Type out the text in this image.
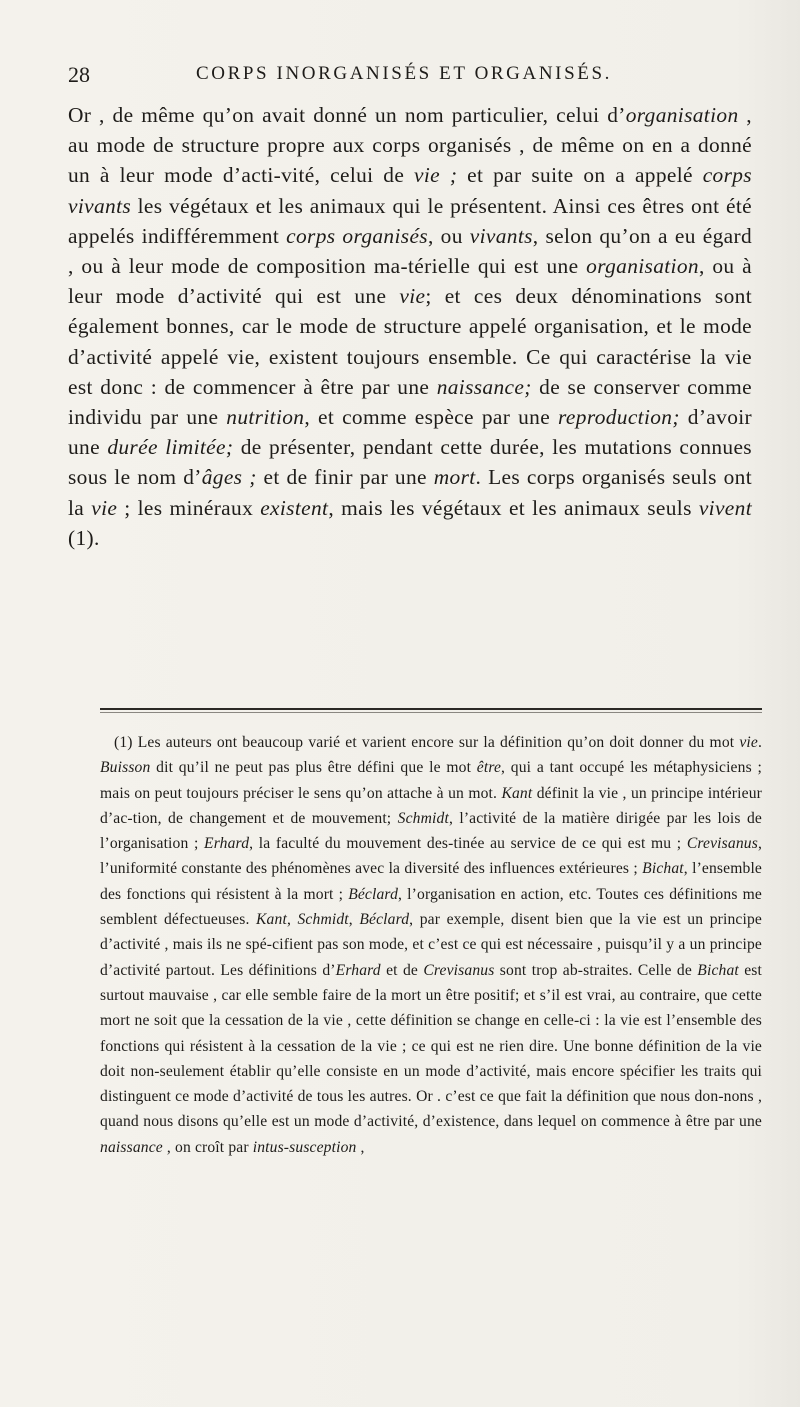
28	CORPS INORGANISÉS ET ORGANISÉS.

Or , de même qu’on avait donné un nom particulier, celui d’organisation , au mode de structure propre aux corps organisés , de même on en a donné un à leur mode d’acti-vité, celui de vie ; et par suite on a appelé corps vivants les végétaux et les animaux qui le présentent. Ainsi ces êtres ont été appelés indifféremment corps organisés, ou vivants, selon qu’on a eu égard , ou à leur mode de composition ma-térielle qui est une organisation, ou à leur mode d’activité qui est une vie; et ces deux dénominations sont également bonnes, car le mode de structure appelé organisation, et le mode d’activité appelé vie, existent toujours ensemble. Ce qui caractérise la vie est donc : de commencer à être par une naissance; de se conserver comme individu par une nutrition, et comme espèce par une reproduction; d’avoir une durée limitée; de présenter, pendant cette durée, les mutations connues sous le nom d’âges ; et de finir par une mort. Les corps organisés seuls ont la vie ; les minéraux existent, mais les végétaux et les animaux seuls vivent (1).

(1) Les auteurs ont beaucoup varié et varient encore sur la définition qu’on doit donner du mot vie. Buisson dit qu’il ne peut pas plus être défini que le mot être, qui a tant occupé les métaphysiciens ; mais on peut toujours préciser le sens qu’on attache à un mot. Kant définit la vie , un principe intérieur d’ac-tion, de changement et de mouvement; Schmidt, l’activité de la matière dirigée par les lois de l’organisation ; Erhard, la faculté du mouvement des-tinée au service de ce qui est mu ; Crevisanus, l’uniformité constante des phénomènes avec la diversité des influences extérieures ; Bichat, l’ensemble des fonctions qui résistent à la mort ; Béclard, l’organisation en action, etc. Toutes ces définitions me semblent défectueuses. Kant, Schmidt, Béclard, par exemple, disent bien que la vie est un principe d’activité , mais ils ne spé-cifient pas son mode, et c’est ce qui est nécessaire , puisqu’il y a un principe d’activité partout. Les définitions d’Erhard et de Crevisanus sont trop ab-straites. Celle de Bichat est surtout mauvaise , car elle semble faire de la mort un être positif; et s’il est vrai, au contraire, que cette mort ne soit que la cessation de la vie , cette définition se change en celle-ci : la vie est l’ensemble des fonctions qui résistent à la cessation de la vie ; ce qui est ne rien dire. Une bonne définition de la vie doit non-seulement établir qu’elle consiste en un mode d’activité, mais encore spécifier les traits qui distinguent ce mode d’activité de tous les autres. Or . c’est ce que fait la définition que nous don-nons , quand nous disons qu’elle est un mode d’activité, d’existence, dans lequel on commence à être par une naissance , on croît par intus-susception ,
